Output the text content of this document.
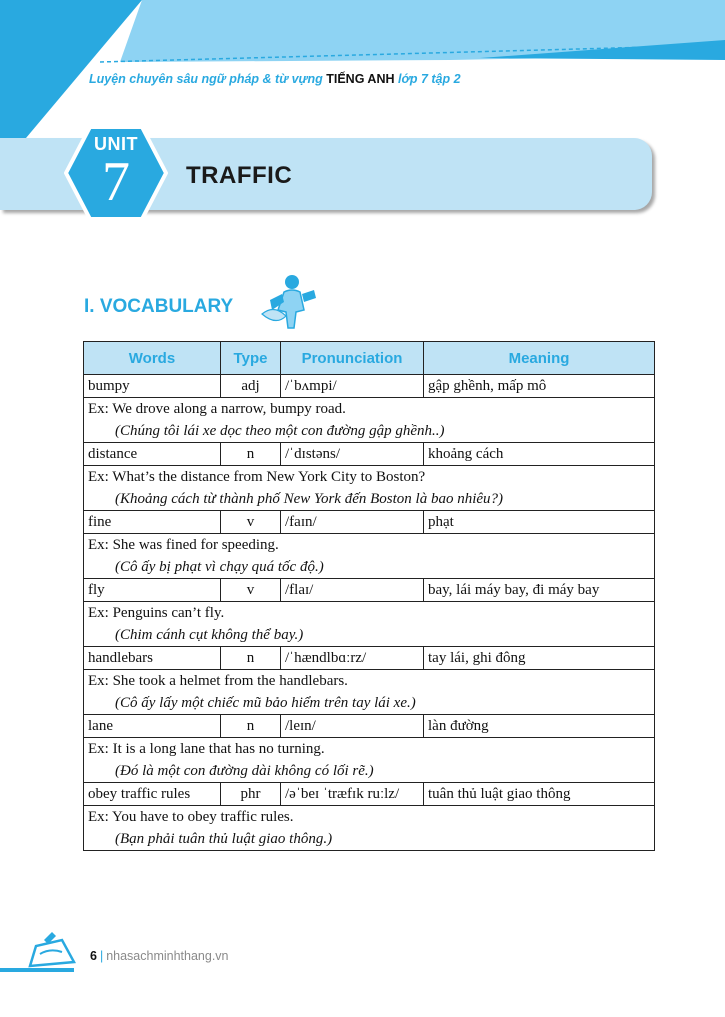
Luyện chuyên sâu ngữ pháp & từ vựng TIẾNG ANH lớp 7 tập 2
UNIT
7	TRAFFIC
I. VOCABULARY
Words	Type	Pronunciation	Meaning
bumpy	adj	/ˈbʌmpi/	gập ghềnh, mấp mô

Ex: We drove along a narrow, bumpy road.
(Chúng tôi lái xe dọc theo một con đường gập ghềnh..)			

distance	n	/ˈdɪstəns/	khoảng cách

Ex: What’s the distance from New York City to Boston?
(Khoảng cách từ thành phố New York đến Boston là bao nhiêu?)			

fine	v	/faɪn/	phạt

Ex: She was fined for speeding.
(Cô ấy bị phạt vì chạy quá tốc độ.)			

fly	v	/flaɪ/	bay, lái máy bay, đi máy bay

Ex: Penguins can’t fly.
(Chim cánh cụt không thể bay.)			

handlebars	n	/ˈhændlbɑːrz/	tay lái, ghi đông

Ex: She took a helmet from the handlebars.
(Cô ấy lấy một chiếc mũ bảo hiểm trên tay lái xe.)			

lane	n	/leɪn/	làn đường

Ex: It is a long lane that has no turning.
(Đó là một con đường dài không có lối rẽ.)			

obey traffic rules	phr	/əˈbeɪ ˈtræfɪk ruːlz/	tuân thủ luật giao thông

Ex: You have to obey traffic rules.
(Bạn phải tuân thủ luật giao thông.)			
6 | nhasachminhthang.vn
